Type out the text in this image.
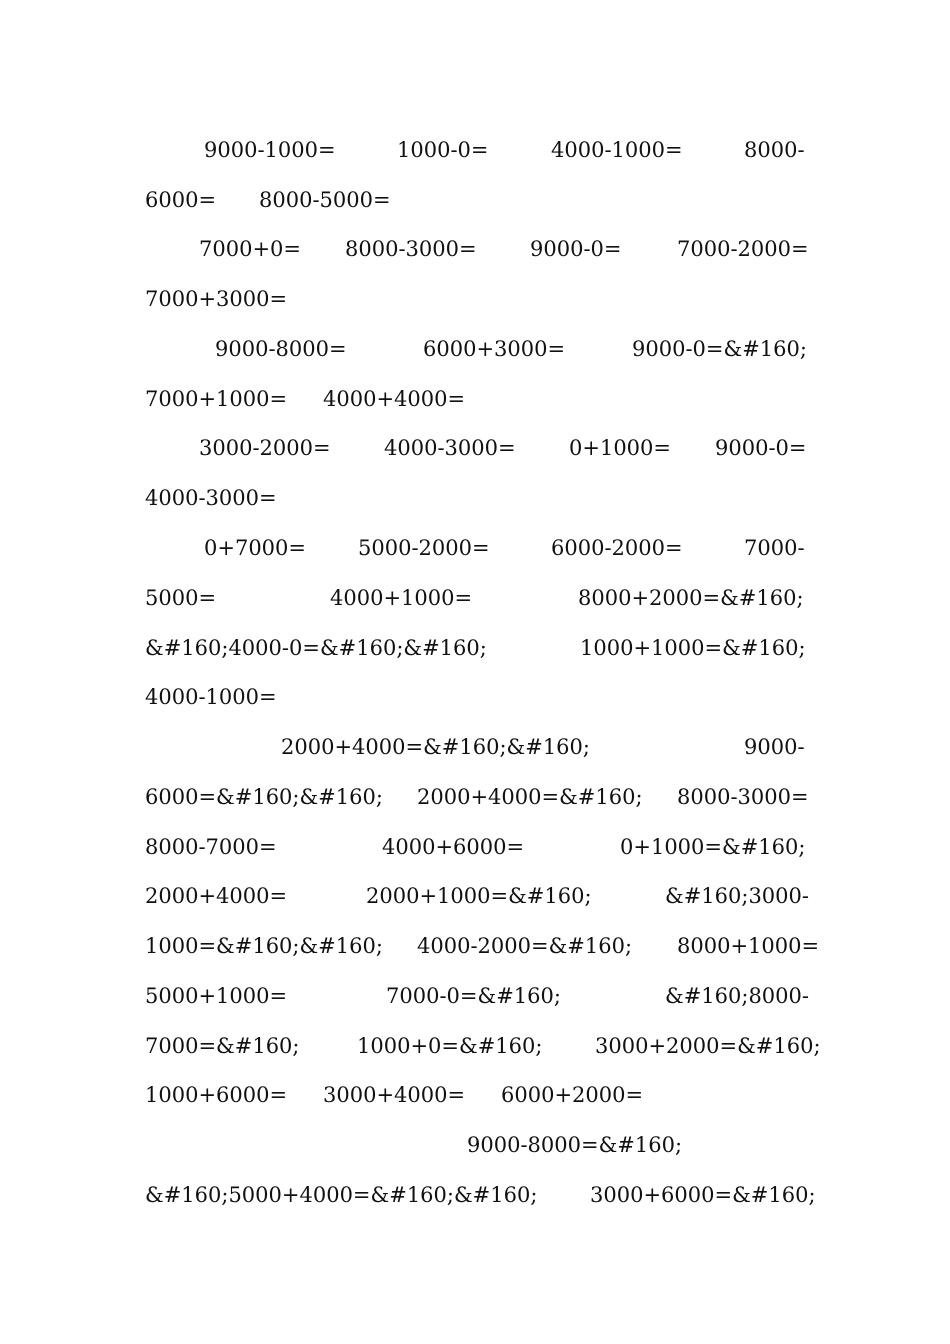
9000-1000=	1000-0=	4000-1000=	8000-
6000= 8000-5000=
7000+0= 8000-3000=	9000-0=	7000-2000=
7000+3000=
9000-8000=	6000+3000=	9000-0=&#160;
7000+1000= 4000+4000=
3000-2000=	4000-3000=	0+1000= 9000-0=
4000-3000=
0+7000= 5000-2000=	6000-2000=	7000-
5000=	4000+1000=	8000+2000=&#160;
&#160;4000-0=&#160;&#160;	1000+1000=&#160;
4000-1000=
2000+4000=&#160;&#160;	9000-
6000=&#160;&#160; 2000+4000=&#160; 8000-3000=
8000-7000=	4000+6000=	0+1000=&#160;
2000+4000=	2000+1000=&#160;	&#160;3000-
1000=&#160;&#160; 4000-2000=&#160; 8000+1000=
5000+1000=	7000-0=&#160;	&#160;8000-
7000=&#160;	1000+0=&#160;	3000+2000=&#160;
1000+6000= 3000+4000= 6000+2000=
9000-8000=&#160;
&#160;5000+4000=&#160;&#160;	3000+6000=&#160;
